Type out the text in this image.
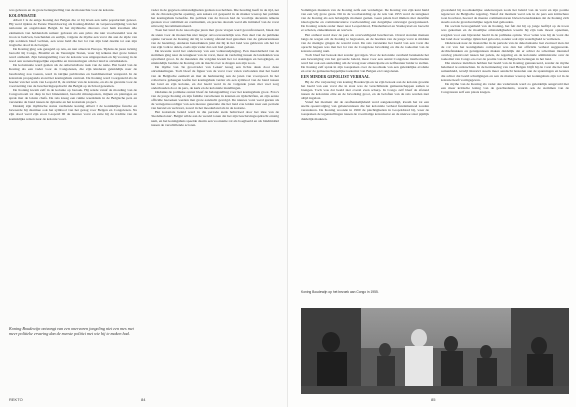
was geboren en de grote belangstelling van de monarchie voor de kolonie.

KOLONISATIE

Albert I is de enige Koning der Belgen die al bij leven een reële populariteit genoot. Hij werd tijdens de Eerste Wereldoorlog als Koning-Ridder de verpersoonlijking van het nationale en ongebroken België. In het mythische discours over hem kwamen alle elementen van heldendom samen: geboren als een prins die niet voorbestemd was de troon te beërven, bescheiden en eerlijk, volgens de mythe een vorst die aan de zijde van zijn soldaten bleef vechten, een ware held die het lot van zijn land deelde tot aan zijn tragische dood in de bergen.

De Koning ging ook geregeld op reis, en niet alleen in Europa. Tijdens de jaren twintig bezocht hij Congo, Brazilië en de Verenigde Staten, waar hij telkens met grote luister werd onthaald. Zijn belangstelling voor de kolonie was uitgesproken en hij voorzag in de nood aan wetenschappelijke expeditie en investeringen om het land te ontwikkelen.

De kolonisatie werd gezien als de onbetwistbare taak van de natie. Het beeld van de Koning als een vader voor de Congolezen, die zijn kinderen geleidelijk naar de beschaving zou voeren, werd in talrijke publicaties en beeldmateriaal verspreid. In de koloniale propaganda stond het koningshuis centraal. De Koning werd voorgesteld als de hoeder van het werk van Leopold II, de stichter van de kolonie, en als de garantie voor de voortzetting van de beschavingsopdracht die België op zich had genomen.

De Koning kwam zelf in de kolonie op bezoek. Hij reisde vanaf de monding van de Congostroom tot diep in het binnenland, bezocht missieposten, mijnen en plantages en sprak met de lokale chefs. De reis kreeg een ruime weerklank in de Belgische pers en versterkte de band tussen de dynastie en het koloniale project.

Dankzij zijn mythische status verdiende koning Albert I de koninklijke functie en bewaarde hij daarmee ook het symbool van het gezag voor Belgen en Congolezen. Na zijn dood werd zijn zoon Leopold III de nieuwe vorst en zette hij de traditie van de koninklijke reizen naar de kolonie voort.

vader in de gegeven omstandigheden gedaan zou hebben. Die houding heeft in de tijd, net als de chronologische opening, een zekere rol gespeeld in de manier waarop het publiek het koningshuis beleefde. De politiek van de Kroon had de voorbije decennia telkens gestaan voor stabiliteit en continuïteit, en precies daarom werd elk initiatief van de vorst uitvoerig becommentarieerd.

Toen het land in de naoorlogse jaren met grote vragen werd geconfronteerd, bleek dat de steun voor de monarchie niet langer onvoorwaardelijk was. Een deel van de publieke opinie verweet de Koning dat hij te weinig afstand had genomen van de gebeurtenissen van de bezetting. Anderen benadrukten juist dat hij in het land was gebleven om het lot van zijn volk te delen, zoals zijn vader dat ooit had gedaan.

De kwestie werd het onderwerp van een volksraadpleging. Een meerderheid van de stemmen ging naar de terugkeer van de vorst, maar de verdeling tussen de landsdelen was opvallend groot. In de maanden die volgden kwam het tot stakingen en betogingen, en uiteindelijk besliste de Koning om de macht over te dragen aan zijn zoon.

De mythe van 'de grootvader van Leken' kreeg een lichte deuk door deze ontwikkelingen. Toch bleef de figuur van de vorst voor velen verbonden met het beeld van de Belgische eenheid en met de herinnering aan de jaren van voorspoed. In het collectieve geheugen leefde het koningshuis verder als een symbool van de band tussen het land en zijn kolonie, en dat beeld werd in de volgende jaren met veel zorg onderhouden door de pers, de kerk en de koloniale instellingen.

Ondanks de politieke onrust bleef de belangstelling voor het koningshuis groot. Foto's van de jonge Koning en zijn familie verschenen in kranten en tijdschriften, en zijn eerste officiële bezoeken werden met grote aandacht gevolgd. De nieuwe vorst werd gezien als de vertegenwoordiger van een nieuwe generatie die het land zou leiden naar een periode van herstel en welvaart, zowel in het moederland als in de kolonie.

Het koloniale beleid werd in die periode sterk beïnvloed door het idee van de 'modelkolonie'. België wilde aan de wereld tonen dat het zijn beschavingsopdracht ernstig nam, en het koningshuis speelde daarin een voorname rol als boegbeeld en als bindmiddel tussen de verschillende actoren.

Koning Boudewijn ontvangt van een onervaren jongeling niet een mes met meer politieke ervaring dan de meeste politici met wie hij te maken had.
REKTO	84

Sommigen maakten van de Koning zelfs een verdediger. De Koning van zijn kant hield van een vrij grote geste. Dit in de voorbereiding op de reis van 1955 werd de terugkeer van de Koning als een belangrijk moment gezien. Geen paleis had immers met dezelfde ideologische en communicatieve voorbereiding een dergelijke ontvangst georganiseerd. De Koning reisde onder meer naar Leopoldstad, Elisabethstad en Stanleystad en bezocht er scholen, ziekenhuizen en werven.

Het onthaal werd door de pers als overweldigend beschreven. Overal stonden mensen langs de wegen om de Koning te begroeten, en de beelden van de jonge vorst te midden van de menigte gingen de wereld rond. De reis versterkte het beeld van een vorst die oprecht begaan was met het lot van de Congolese bevolking en die de toekomst van de kolonie ernstig nam.

Toch bleef het bezoek niet zonder gevolgen. Voor de koloniale overheid betekende het een bevestiging van het gevoerde beleid, maar voor een aantal Congolese intellectuelen werd het ook een aanleiding om de vraag naar emancipatie en zelfbestuur luider te stellen. De Koning zelf sprak in zijn toespraken over de noodzaak van een geleidelijke evolutie en over de gemeenschappelijke toekomst van Belgen en Congolezen.

EEN MINDER GEPOLIJST VERHAAL

Bij de 25e verjaardag van koning Boudewijn en na zijn bezoek aan de kolonie groeide het beeld van een vorst die in staat was de verschillende gemeenschappen samen te brengen. Toch was dat beeld niet overal even scherp. In Congo zelf bleef de afstand tussen de koloniale elite en de bevolking groot, en de beloften van de reis werden niet altijd ingelost.

Vanaf het moment dat de onafhankelijkheid werd aangekondigd, kwam het tot een snelle opeenvolging van gebeurtenissen die het koloniale verhaal fundamenteel zouden veranderen. De Koning woonde in 1960 de plechtigheden in Leopoldstad bij, waar de toespraken de tegenstellingen tussen de voormalige kolonisator en de nieuwe staat pijnlijk duidelijk maakten.

grootsheid bij noodzakelijke onderwerpen zoals het beleid van de vorst en zijn positie tegenover de Belgische regering. Vanaf dat moment werd ook in de pers een kritischere toon hoorbaar, hoewel de meeste commentatoren bleven benadrukken dat de Koning zich steeds aan de grondwettelijke regels had gehouden.

De sociale bewogenheid van de Koning, het feit dat hij op jonge leeftijd op de troon was gekomen en de moeilijke omstandigheden waarin hij zijn taak moest opnemen, zorgden voor een bijzonder beeld in de publieke opinie. Voor velen was hij de vorst die het land door woelige tijden had geloodst, zonder ooit zijn waardigheid te verliezen.

Onderzoek naar de monarchie in de periode van de dekolonisatie laat evenwel zien dat de rol van het koningshuis complexer was dan het officiële verhaal suggereerde. Archiefstukken en getuigenissen maken duidelijk dat er achter de schermen intensief overleg plaatsvond tussen het paleis, de regering en de koloniale administratie over de toekomst van Congo en over de positie van de Belgische belangen in het land.

Die nieuwe inzichten hebben het beeld van de Koning genuanceerd, zonder de mythe helemaal te ontkrachten. In de herinnering van veel Belgen blijft hij de vorst die het land samenhield, terwijl historici steeds meer aandacht besteden aan de spanningen en keuzes die achter dat beeld schuilgingen en aan de manier waarop het koningshuis zijn rol in de kolonie heeft vormgegeven.

De mythe van de Koning als vader des vaderlands werd zo geleidelijk aangevuld met een meer kritische lezing van de geschiedenis, waarin ook de stemmen van de Congolezen zelf een plaats kregen.

Koning Boudewijn op het bezoek aan Congo in 1955.
85
